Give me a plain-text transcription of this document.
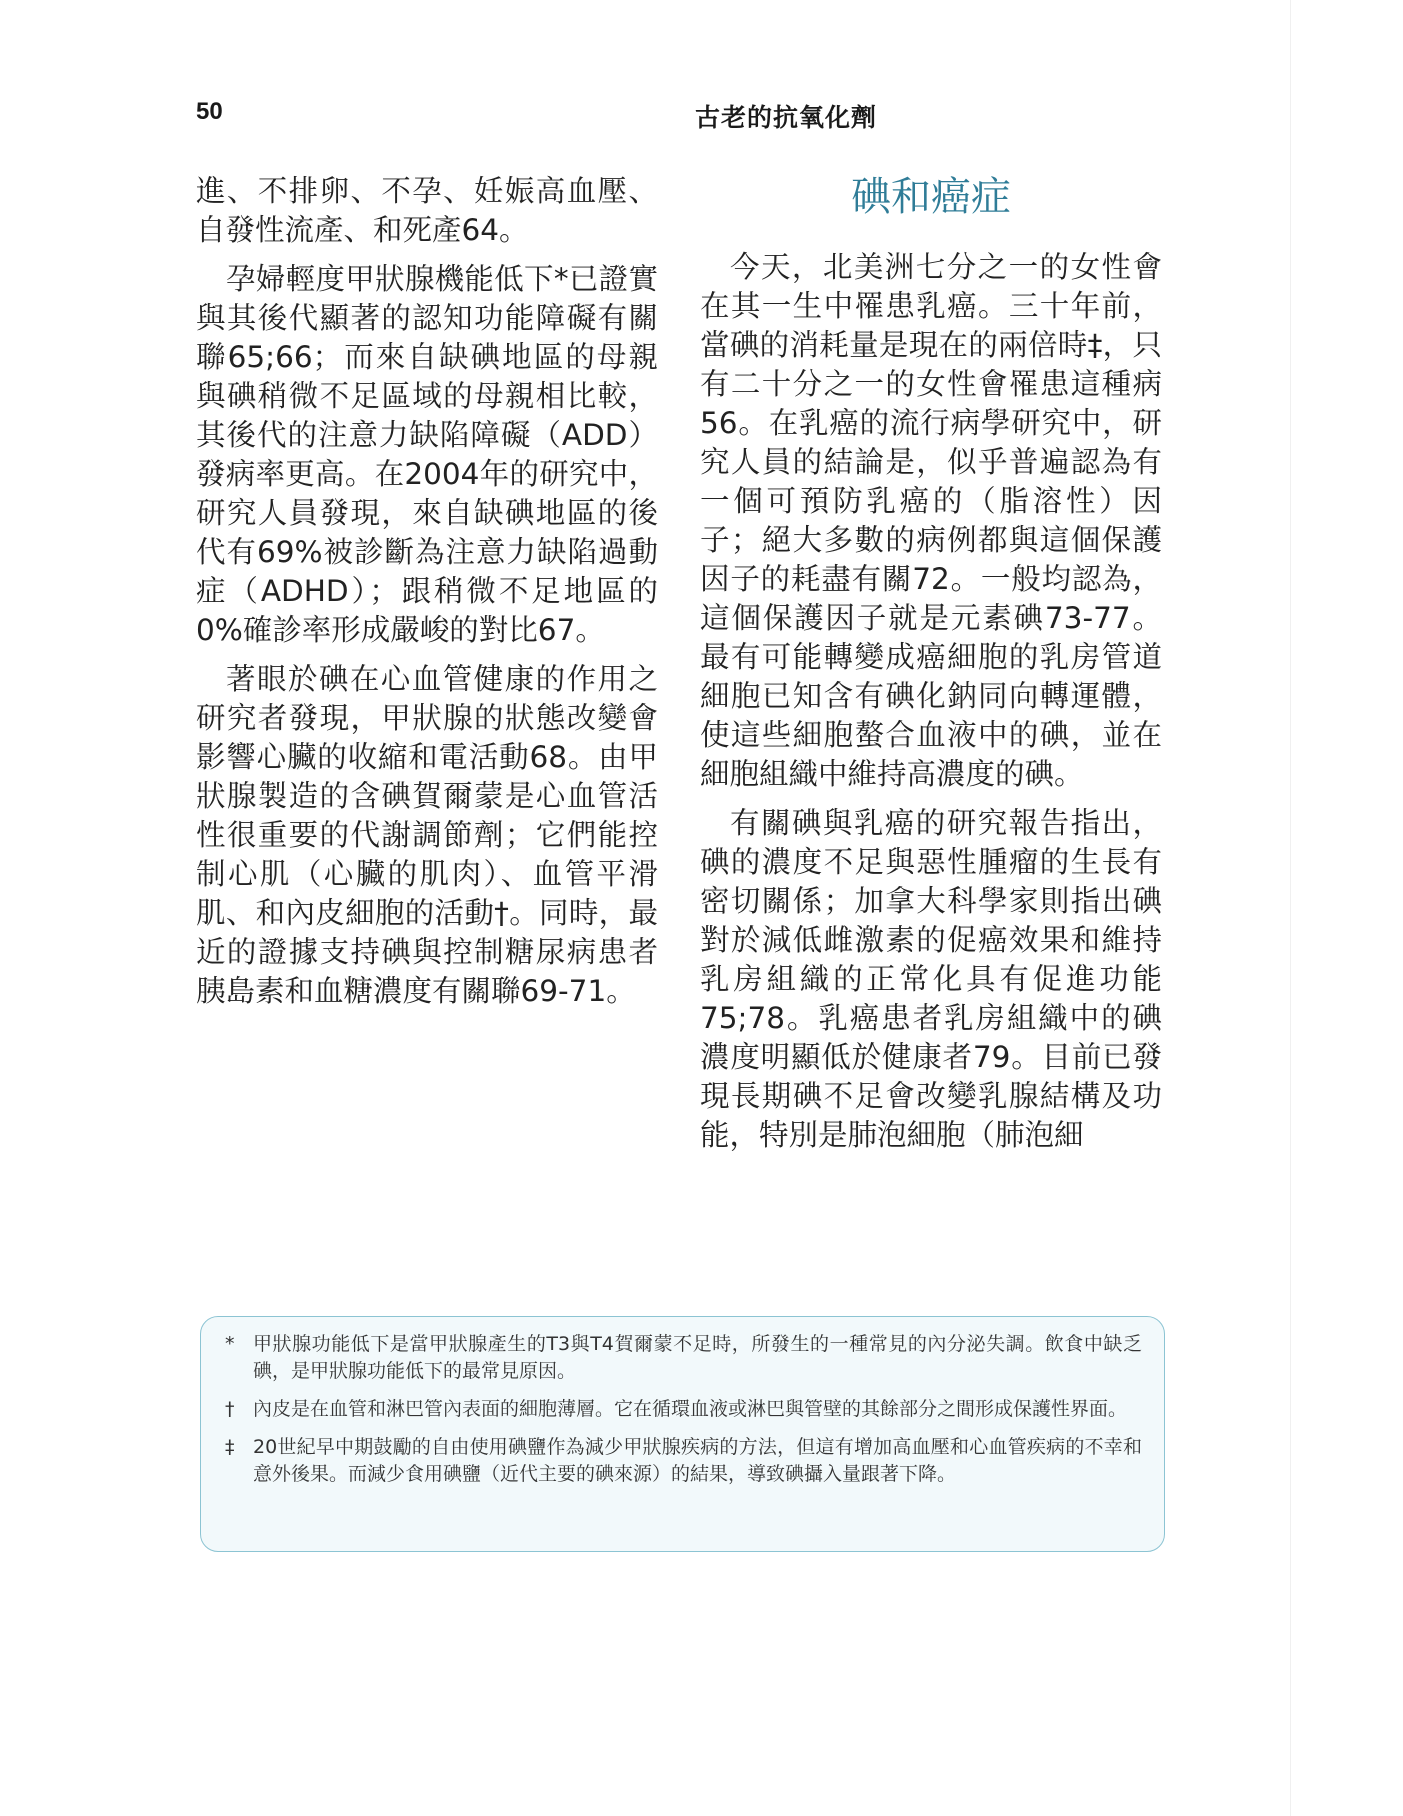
50	古老的抗氧化劑

進、不排卵、不孕、妊娠高血壓、自發性流產、和死產64。

孕婦輕度甲狀腺機能低下*已證實與其後代顯著的認知功能障礙有關聯65;66；而來自缺碘地區的母親與碘稍微不足區域的母親相比較，其後代的注意力缺陷障礙（ADD）發病率更高。在2004年的研究中，研究人員發現，來自缺碘地區的後代有69%被診斷為注意力缺陷過動症（ADHD）；跟稍微不足地區的0%確診率形成嚴峻的對比67。

著眼於碘在心血管健康的作用之研究者發現，甲狀腺的狀態改變會影響心臟的收縮和電活動68。由甲狀腺製造的含碘賀爾蒙是心血管活性很重要的代謝調節劑；它們能控制心肌（心臟的肌肉）、血管平滑肌、和內皮細胞的活動†。同時，最近的證據支持碘與控制糖尿病患者胰島素和血糖濃度有關聯69-71。

碘和癌症

今天，北美洲七分之一的女性會在其一生中罹患乳癌。三十年前，當碘的消耗量是現在的兩倍時‡，只有二十分之一的女性會罹患這種病56。在乳癌的流行病學研究中，研究人員的結論是，似乎普遍認為有一個可預防乳癌的（脂溶性）因子；絕大多數的病例都與這個保護因子的耗盡有關72。一般均認為，這個保護因子就是元素碘73-77。最有可能轉變成癌細胞的乳房管道細胞已知含有碘化鈉同向轉運體，使這些細胞螯合血液中的碘，並在細胞組織中維持高濃度的碘。

有關碘與乳癌的研究報告指出，碘的濃度不足與惡性腫瘤的生長有密切關係；加拿大科學家則指出碘對於減低雌激素的促癌效果和維持乳房組織的正常化具有促進功能75;78。乳癌患者乳房組織中的碘濃度明顯低於健康者79。目前已發現長期碘不足會改變乳腺結構及功能，特別是肺泡細胞（肺泡細

* 甲狀腺功能低下是當甲狀腺產生的T3與T4賀爾蒙不足時，所發生的一種常見的內分泌失調。飲食中缺乏碘，是甲狀腺功能低下的最常見原因。
† 內皮是在血管和淋巴管內表面的細胞薄層。它在循環血液或淋巴與管壁的其餘部分之間形成保護性界面。
‡ 20世紀早中期鼓勵的自由使用碘鹽作為減少甲狀腺疾病的方法，但這有增加高血壓和心血管疾病的不幸和意外後果。而減少食用碘鹽（近代主要的碘來源）的結果，導致碘攝入量跟著下降。
